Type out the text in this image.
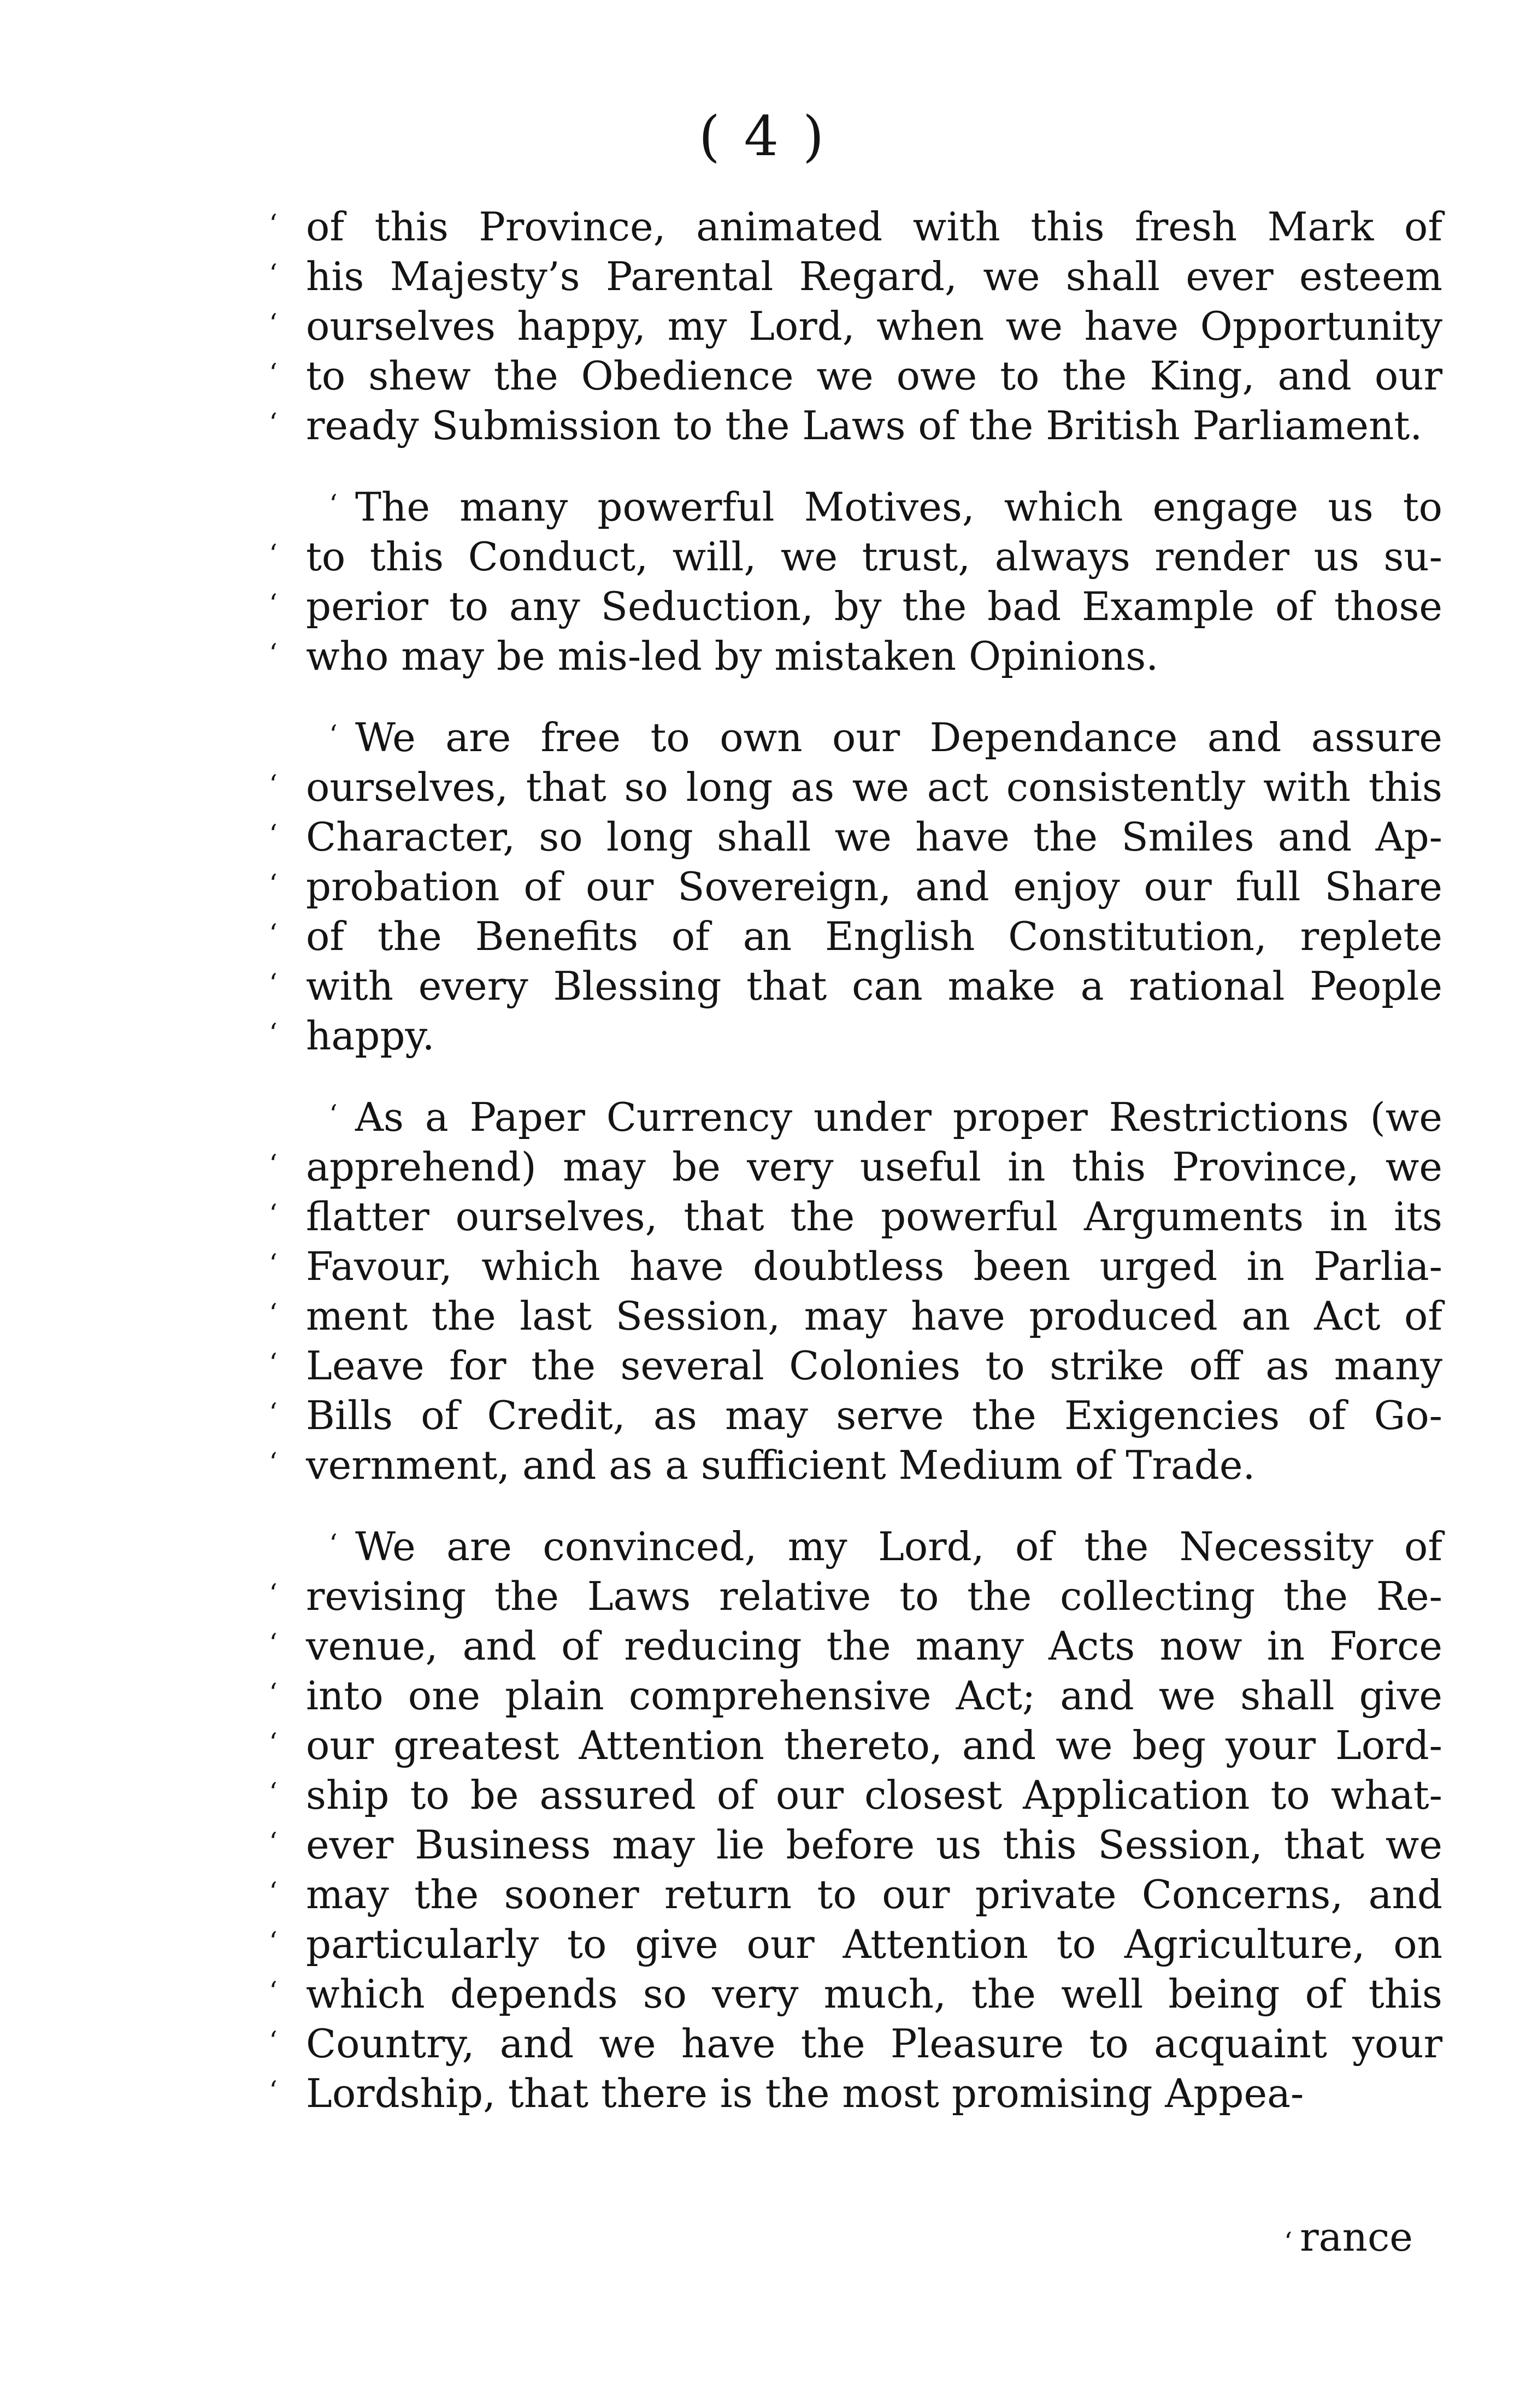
( 4 )
‘ of this Province, animated with this fresh Mark of
‘ his Majesty’s Parental Regard, we shall ever esteem
‘ ourselves happy, my Lord, when we have Opportunity
‘ to shew the Obedience we owe to the King, and our
‘ ready Submission to the Laws of the British Parliament.
‘ The many powerful Motives, which engage us to
‘ to this Conduct, will, we trust, always render us su-
‘ perior to any Seduction, by the bad Example of those
‘ who may be mis-led by mistaken Opinions.
‘ We are free to own our Dependance and assure
‘ ourselves, that so long as we act consistently with this
‘ Character, so long shall we have the Smiles and Ap-
‘ probation of our Sovereign, and enjoy our full Share
‘ of the Benefits of an English Constitution, replete
‘ with every Blessing that can make a rational People
‘ happy.
‘ As a Paper Currency under proper Restrictions (we
‘ apprehend) may be very useful in this Province, we
‘ flatter ourselves, that the powerful Arguments in its
‘ Favour, which have doubtless been urged in Parlia-
‘ ment the last Session, may have produced an Act of
‘ Leave for the several Colonies to strike off as many
‘ Bills of Credit, as may serve the Exigencies of Go-
‘ vernment, and as a sufficient Medium of Trade.
‘ We are convinced, my Lord, of the Necessity of
‘ revising the Laws relative to the collecting the Re-
‘ venue, and of reducing the many Acts now in Force
‘ into one plain comprehensive Act; and we shall give
‘ our greatest Attention thereto, and we beg your Lord-
‘ ship to be assured of our closest Application to what-
‘ ever Business may lie before us this Session, that we
‘ may the sooner return to our private Concerns, and
‘ particularly to give our Attention to Agriculture, on
‘ which depends so very much, the well being of this
‘ Country, and we have the Pleasure to acquaint your
‘ Lordship, that there is the most promising Appea-
‘ rance
